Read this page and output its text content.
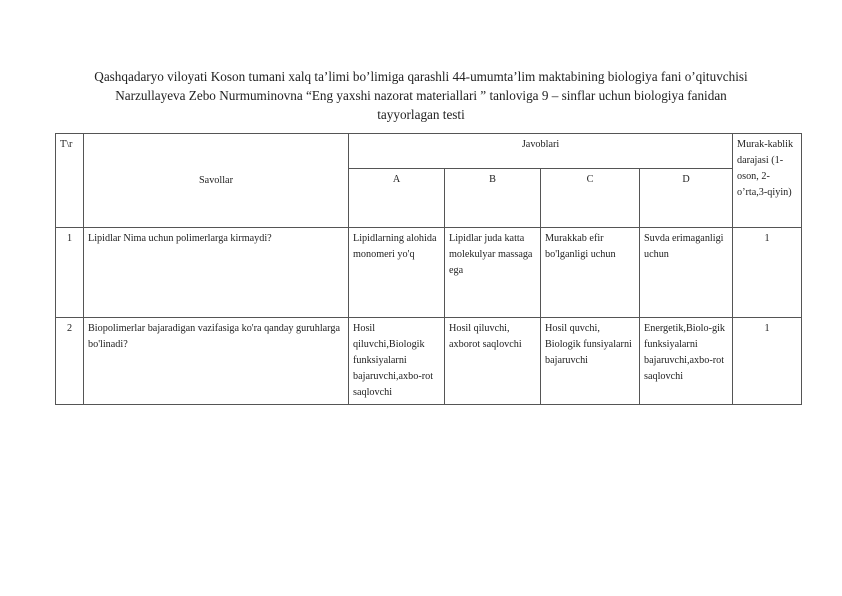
Qashqadaryo viloyati Koson tumani xalq ta’limi bo’limiga qarashli 44-umumta’lim maktabining biologiya fani o’qituvchisi
Narzullayeva Zebo Nurmuminovna “Eng yaxshi nazorat materiallari ” tanloviga 9 – sinflar uchun biologiya fanidan
tayyorlagan testi
T\r	Savollar	Javoblari				Murak-kablik darajasi (1-oson, 2-o’rta,3-qiyin)
		A	B	C	D	
1	Lipidlar Nima uchun polimerlarga kirmaydi?	Lipidlarning alohida monomeri yo'q	Lipidlar juda katta molekulyar massaga ega	Murakkab efir bo'lganligi uchun	Suvda erimaganligi uchun	1
2	Biopolimerlar bajaradigan vazifasiga ko'ra qanday guruhlarga bo'linadi?	Hosil qiluvchi,Biologik funksiyalarni bajaruvchi,axbo-rot saqlovchi	Hosil qiluvchi, axborot saqlovchi	Hosil quvchi, Biologik funsiyalarni bajaruvchi	Energetik,Biolo-gik funksiyalarni bajaruvchi,axbo-rot saqlovchi	1
